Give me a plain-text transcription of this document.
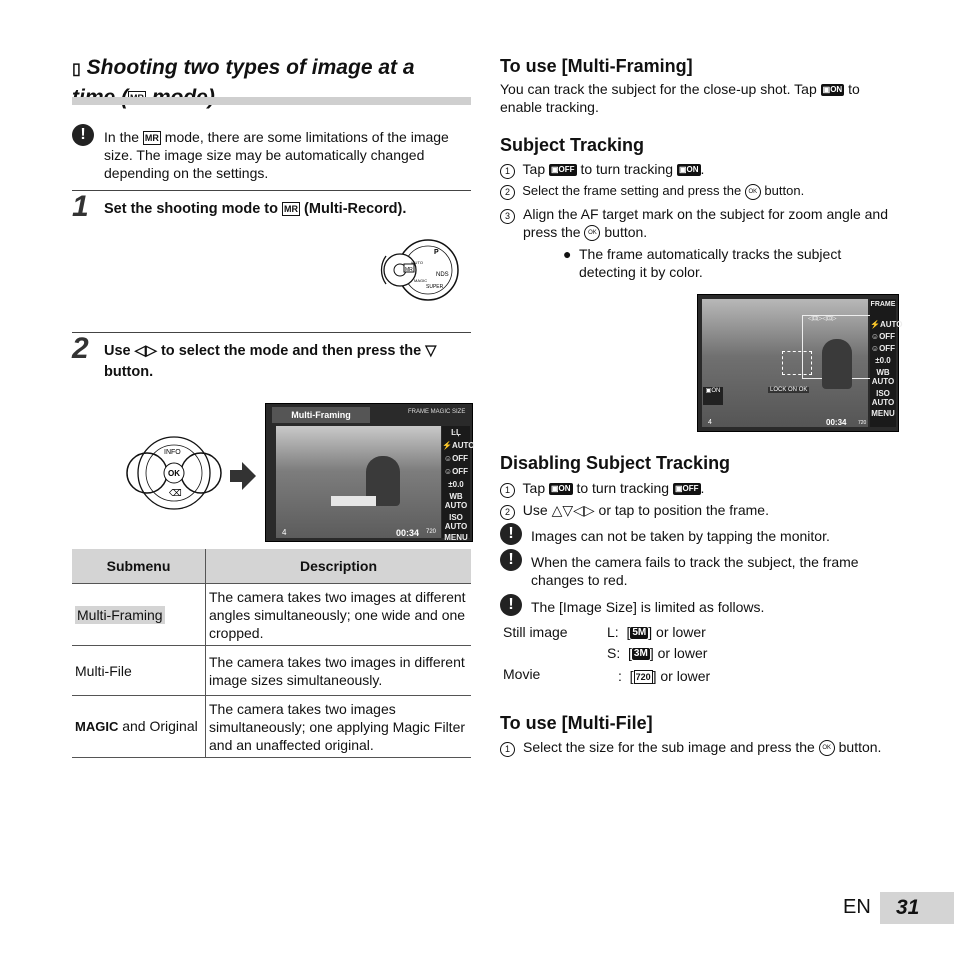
▯ Shooting two types of image at a

!	In the MR mode, there are some limitations of the image size. The image size may be automatically changed depending on the settings.
1 Set the shooting mode to MR (Multi-Record).
MR
P
NDS
SUPER
iAUTO
MAGIC
2 Use ◁▷ to select the mode and then press the ▽ button.
OK
INFO
⌫
Multi-Framing	FRAME MAGIC SIZE
ĿĻ
⚡AUTO
☺OFF
☺OFF
±0.0
WB AUTO
ISO AUTO
MENU
4	00:34 720
Submenu	Description
Multi-Framing	The camera takes two images at different angles simultaneously; one wide and one cropped.
Multi-File	The camera takes two images in different image sizes simultaneously.
MAGIC and Original	The camera takes two images simultaneously; one applying Magic Filter and an unaffected original.
To use [Multi-Framing]
You can track the subject for the close-up shot. Tap ▣ON to enable tracking.
Subject Tracking
1 Tap ▣OFF to turn tracking ▣ON .
2 Select the frame setting and press the OK button.
3 Align the AF target mark on the subject for zoom angle and press the OK button.
● The frame automatically tracks the subject detecting it by color.
◁⊡▷◁⊡▷
▣ON	LOCK ON OK
4	00:34 720
FRAME
⚡AUTO
☺OFF
☺OFF
±0.0
WB AUTO
ISO AUTO
MENU
Disabling Subject Tracking
1 Tap ▣ON to turn tracking ▣OFF .
2 Use △▽◁▷ or tap to position the frame.
!	Images can not be taken by tapping the monitor.
!	When the camera fails to track the subject, the frame changes to red.
!	The [Image Size] is limited as follows.
Still image	L:  [ 5M ] or lower
S:  [ 3M ] or lower
Movie	:  [ 720 ] or lower
To use [Multi-File]
1 Select the size for the sub image and press the OK button.
EN	31
